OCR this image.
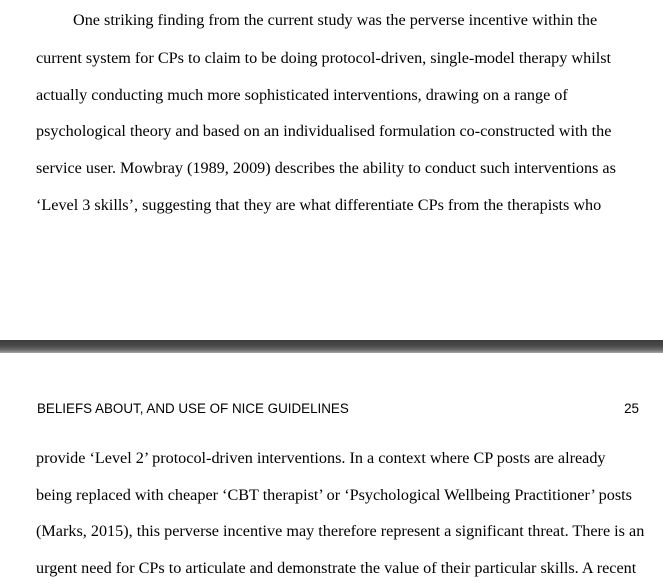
One striking finding from the current study was the perverse incentive within the
current system for CPs to claim to be doing protocol-driven, single-model therapy whilst
actually conducting much more sophisticated interventions, drawing on a range of
psychological theory and based on an individualised formulation co-constructed with the
service user. Mowbray (1989, 2009) describes the ability to conduct such interventions as
‘Level 3 skills’, suggesting that they are what differentiate CPs from the therapists who
BELIEFS ABOUT, AND USE OF NICE GUIDELINES	25
provide ‘Level 2’ protocol-driven interventions. In a context where CP posts are already
being replaced with cheaper ‘CBT therapist’ or ‘Psychological Wellbeing Practitioner’ posts
(Marks, 2015), this perverse incentive may therefore represent a significant threat. There is an
urgent need for CPs to articulate and demonstrate the value of their particular skills. A recent
